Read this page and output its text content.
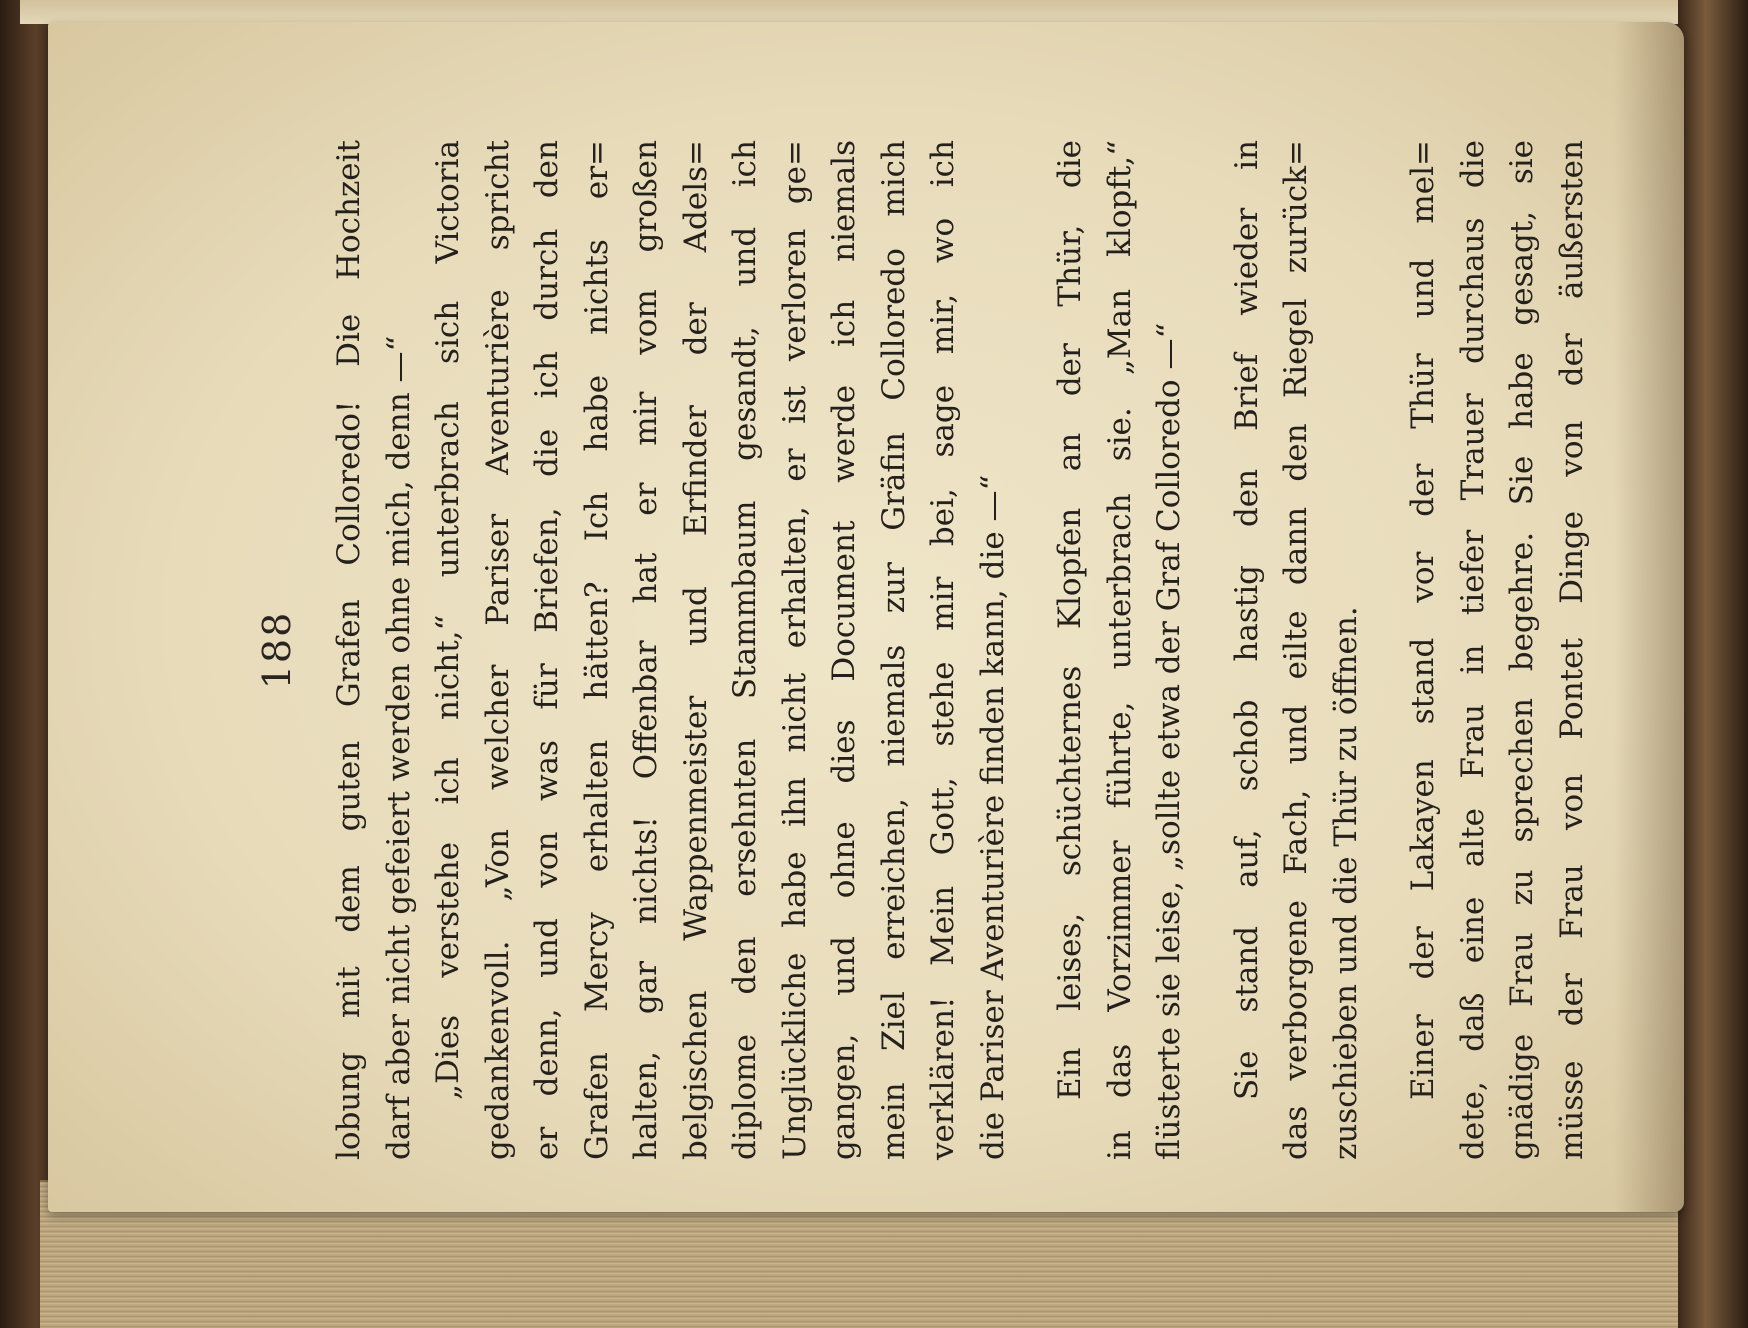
188 lobung mit dem guten Grafen Colloredo! Die Hochzeit darf aber nicht gefeiert werden ohne mich, denn —“ „Dies verstehe ich nicht,“ unterbrach sich Victoria gedankenvoll. „Von welcher Pariser Aventurière spricht er denn, und von was für Briefen, die ich durch den Grafen Mercy erhalten hätten? Ich habe nichts er= halten, gar nichts! Offenbar hat er mir vom großen belgischen Wappenmeister und Erfinder der Adels= diplome den ersehnten Stammbaum gesandt, und ich Unglückliche habe ihn nicht erhalten, er ist verloren ge= gangen, und ohne dies Document werde ich niemals mein Ziel erreichen, niemals zur Gräfin Colloredo mich verklären! Mein Gott, stehe mir bei, sage mir, wo ich die Pariser Aventurière finden kann, die —“ Ein leises, schüchternes Klopfen an der Thür, die in das Vorzimmer führte, unterbrach sie. „Man klopft,“ flüsterte sie leise, „sollte etwa der Graf Colloredo —“ Sie stand auf, schob hastig den Brief wieder in das verborgene Fach, und eilte dann den Riegel zurück= zuschieben und die Thür zu öffnen. Einer der Lakayen stand vor der Thür und mel= dete, daß eine alte Frau in tiefer Trauer durchaus die gnädige Frau zu sprechen begehre. Sie habe gesagt, sie müsse der Frau von Pontet Dinge von der äußersten
